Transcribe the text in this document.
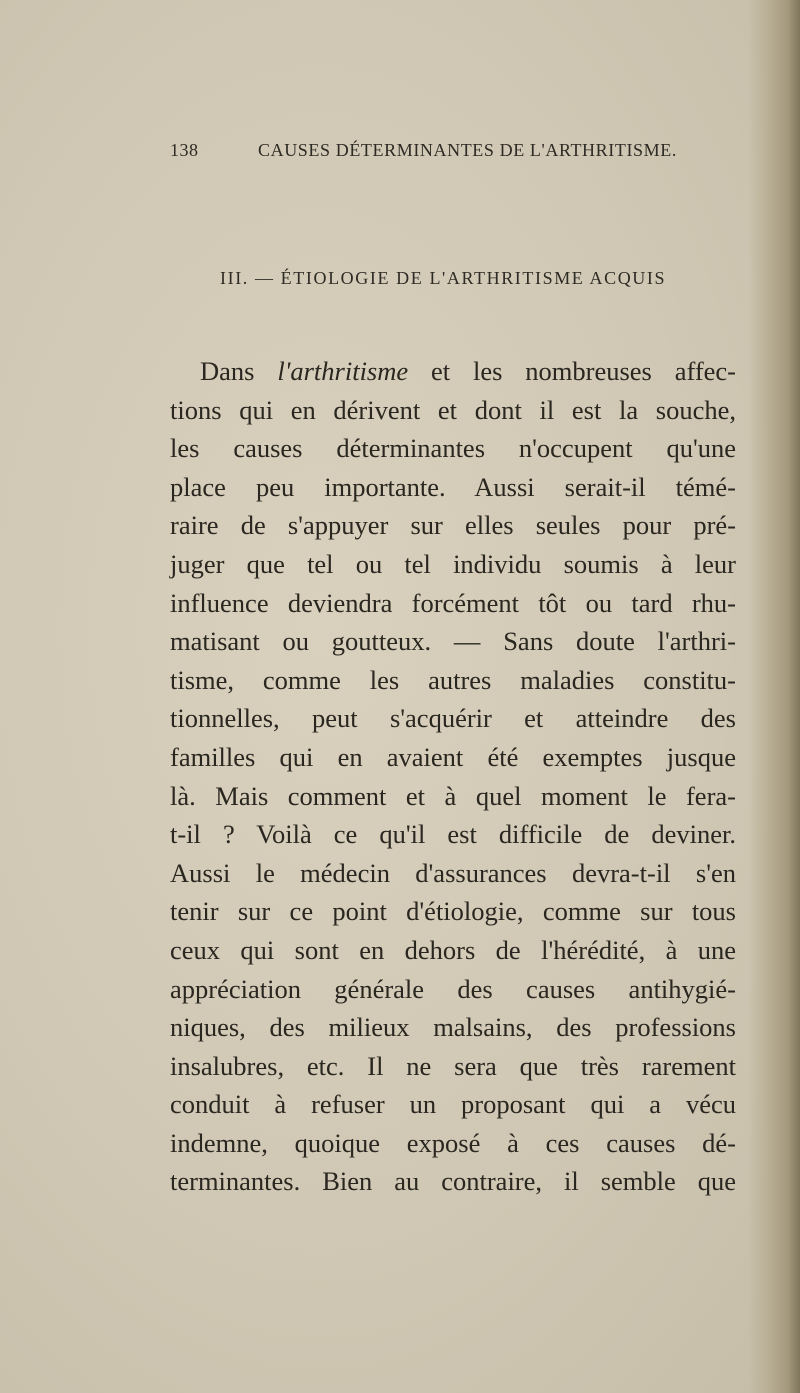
138	CAUSES DÉTERMINANTES DE L'ARTHRITISME.
III. — ÉTIOLOGIE DE L'ARTHRITISME ACQUIS
Dans l'arthritisme et les nombreuses affec-
tions qui en dérivent et dont il est la souche,
les causes déterminantes n'occupent qu'une
place peu importante. Aussi serait-il témé-
raire de s'appuyer sur elles seules pour pré-
juger que tel ou tel individu soumis à leur
influence deviendra forcément tôt ou tard rhu-
matisant ou goutteux. — Sans doute l'arthri-
tisme, comme les autres maladies constitu-
tionnelles, peut s'acquérir et atteindre des
familles qui en avaient été exemptes jusque
là. Mais comment et à quel moment le fera-
t-il ? Voilà ce qu'il est difficile de deviner.
Aussi le médecin d'assurances devra-t-il s'en
tenir sur ce point d'étiologie, comme sur tous
ceux qui sont en dehors de l'hérédité, à une
appréciation générale des causes antihygié-
niques, des milieux malsains, des professions
insalubres, etc. Il ne sera que très rarement
conduit à refuser un proposant qui a vécu
indemne, quoique exposé à ces causes dé-
terminantes. Bien au contraire, il semble que
